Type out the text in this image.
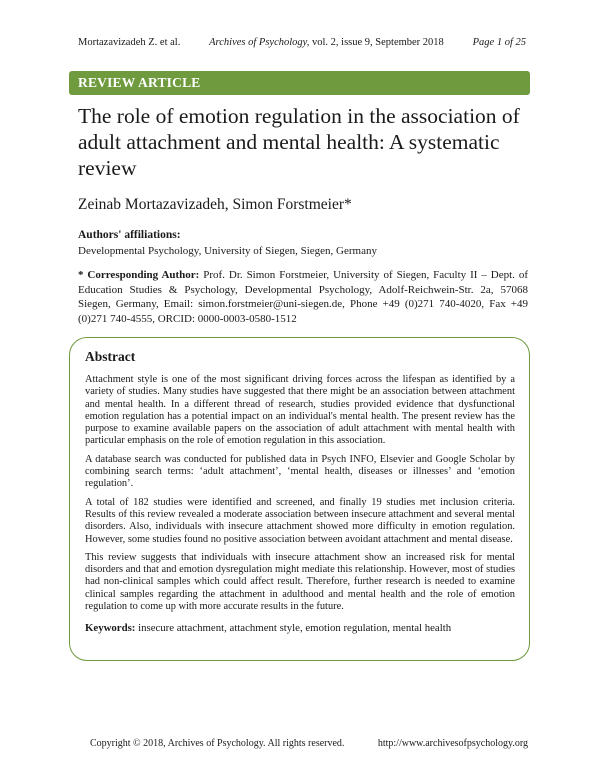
Mortazavizadeh Z. et al.	Archives of Psychology, vol. 2, issue 9, September 2018	Page 1 of 25
REVIEW ARTICLE
The role of emotion regulation in the association of adult attachment and mental health: A systematic review
Zeinab Mortazavizadeh, Simon Forstmeier*
Authors' affiliations:
Developmental Psychology, University of Siegen, Siegen, Germany

* Corresponding Author: Prof. Dr. Simon Forstmeier, University of Siegen, Faculty II – Dept. of Education Studies & Psychology, Developmental Psychology, Adolf-Reichwein-Str. 2a, 57068 Siegen, Germany, Email: simon.forstmeier@uni-siegen.de, Phone +49 (0)271 740-4020, Fax +49 (0)271 740-4555, ORCID: 0000-0003-0580-1512

Abstract

Attachment style is one of the most significant driving forces across the lifespan as identified by a variety of studies. Many studies have suggested that there might be an association between attachment and mental health. In a different thread of research, studies provided evidence that dysfunctional emotion regulation has a potential impact on an individual's mental health. The present review has the purpose to examine available papers on the association of adult attachment with mental health with particular emphasis on the role of emotion regulation in this association.

A database search was conducted for published data in Psych INFO, Elsevier and Google Scholar by combining search terms: ‘adult attachment’, ‘mental health, diseases or illnesses’ and ‘emotion regulation’.

A total of 182 studies were identified and screened, and finally 19 studies met inclusion criteria. Results of this review revealed a moderate association between insecure attachment and several mental disorders. Also, individuals with insecure attachment showed more difficulty in emotion regulation. However, some studies found no positive association between avoidant attachment and mental disease.

This review suggests that individuals with insecure attachment show an increased risk for mental disorders and that and emotion dysregulation might mediate this relationship. However, most of studies had non-clinical samples which could affect result. Therefore, further research is needed to examine clinical samples regarding the attachment in adulthood and mental health and the role of emotion regulation to come up with more accurate results in the future.

Keywords: insecure attachment, attachment style, emotion regulation, mental health

Copyright © 2018, Archives of Psychology. All rights reserved.	http://www.archivesofpsychology.org
